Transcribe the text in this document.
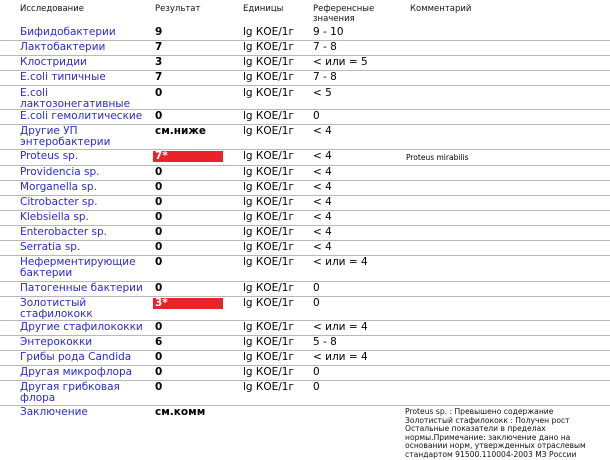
Исследование	Результат	Единицы	Референсные
значения
Комментарий
Бифидобактерии	9	lg КОЕ/1г 9 - 10
Лактобактерии	7	lg КОЕ/1г 7 - 8
Клостридии	3	lg КОЕ/1г < или = 5
E.coli типичные	7	lg КОЕ/1г 7 - 8
E.coli лактозонегативные
0	lg КОЕ/1г < 5
E.coli гемолитические	0	lg КОЕ/1г 0
Другие УП энтеробактерии
см.ниже	lg КОЕ/1г < 4
Proteus sp.	7*	lg КОЕ/1г < 4	Proteus mirabilis
Providencia sp.	0	lg КОЕ/1г < 4
Morganella sp.	0	lg КОЕ/1г < 4
Citrobacter sp.	0	lg КОЕ/1г < 4
Klebsiella sp.	0	lg КОЕ/1г < 4
Enterobacter sp.	0	lg КОЕ/1г < 4
Serratia sp.	0	lg КОЕ/1г < 4
Неферментирующие бактерии
0	lg КОЕ/1г < или = 4
Патогенные бактерии	0	lg КОЕ/1г 0
Золотистый стафилококк
3*	lg КОЕ/1г 0
Другие стафилококки	0	lg КОЕ/1г < или = 4
Энтерококки	6	lg КОЕ/1г 5 - 8
Грибы рода Candida	0	lg КОЕ/1г < или = 4
Другая микрофлора	0	lg КОЕ/1г 0
Другая грибковая флора
0	lg КОЕ/1г 0
Заключение	см.комм	Proteus sp. : Превышено содержание
Золотистый стафилококк : Получен рост
Остальные показатели в пределах
нормы.Примечание: заключение дано на
основании норм, утвержденных отраслевым
стандартом 91500.110004-2003 МЗ России
